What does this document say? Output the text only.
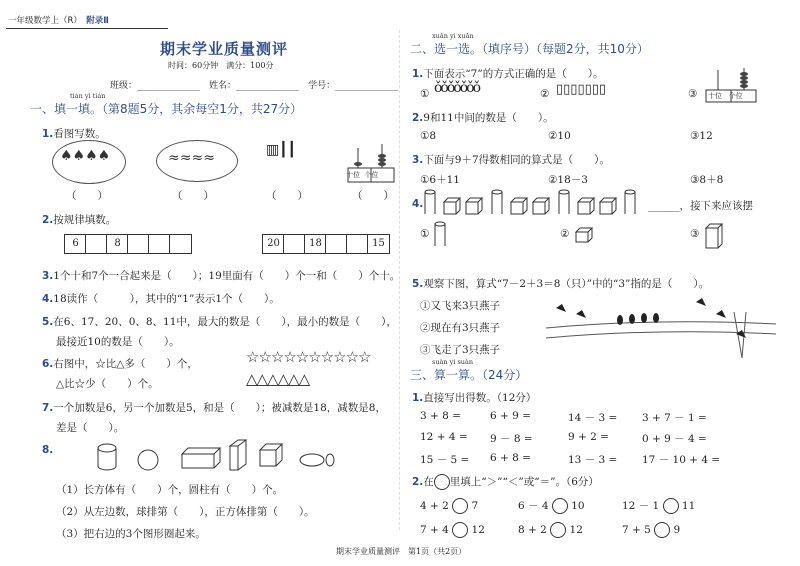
一年级数学上（R）　 附录Ⅱ
期末学业质量测评
时间：60分钟　满分：100分
班级：______________　姓名：______________　学号：______________
tián yì tián
一、填一填。（第8题5分，其余每空1分，共27分）
1.看图写数。
♠♠♠♠	≈≈≈≈	▥┃┃
十位 个位
（　　）	（　　）	（　　）	（　　）
2.按规律填数。
6	8	20	18	15
3.1个十和7个一合起来是（　　）；19里面有（　　）个一和（　　）个十。
4.18读作（　　　），其中的“1”表示1个（　　）。
5.在6、17、20、0、8、11中，最大的数是（　　），最小的数是（　　），
最接近10的数是（　　）。
6.右图中，☆比△多（　　）个，
△比☆少（　　）个。
☆☆☆☆☆☆☆☆☆☆
△△△△△△
7.一个加数是6，另一个加数是5，和是（　　）；被减数是18，减数是8，
差是（　　）。
8.
（1）长方体有（　　）个，圆柱有（　　）个。
（2）从左边数，球排第（　　），正方体排第（　　）。
（3）把右边的3个图形圈起来。
xuǎn yi xuǎn
二、选一选。（填序号）（每题2分，共10分）
1.下面表示“7”的方式正确的是（　　）。
① ǒǒǒǒǒǒǒ	② ▯▯▯▯▯▯▯	③ 十位 个位
2.9和11中间的数是（　　）。
①8	②10	③12
3.下面与9＋7得数相同的算式是（　　）。
①6＋11	②18－3	③8＋8
4.	______，接下来应该摆
①	②	③
5.观察下图，算式“7－2＋3＝8（只）”中的“3”指的是（　　）。
①又飞来3只燕子
②现在有3只燕子
③飞走了3只燕子
suàn yi suàn
三、算一算。（24分）
1.直接写出得数。（12分）
3 + 8 =	6 + 9 =	14 － 3 = 3 + 7 － 1 =
12 + 4 = 9 － 8 =	9 + 2 =	0 + 9 － 4 =
15 － 5 = 6 + 8 =	13 － 3 = 17 － 10 + 4 =
2.在 里填上“＞”“＜”或“＝”。（6分）
4 + 2  7	6 － 4  10	12 － 1  11
7 + 4  12	8 + 2  12	7 + 5  9
期末学业质量测评　第1页（共2页）
